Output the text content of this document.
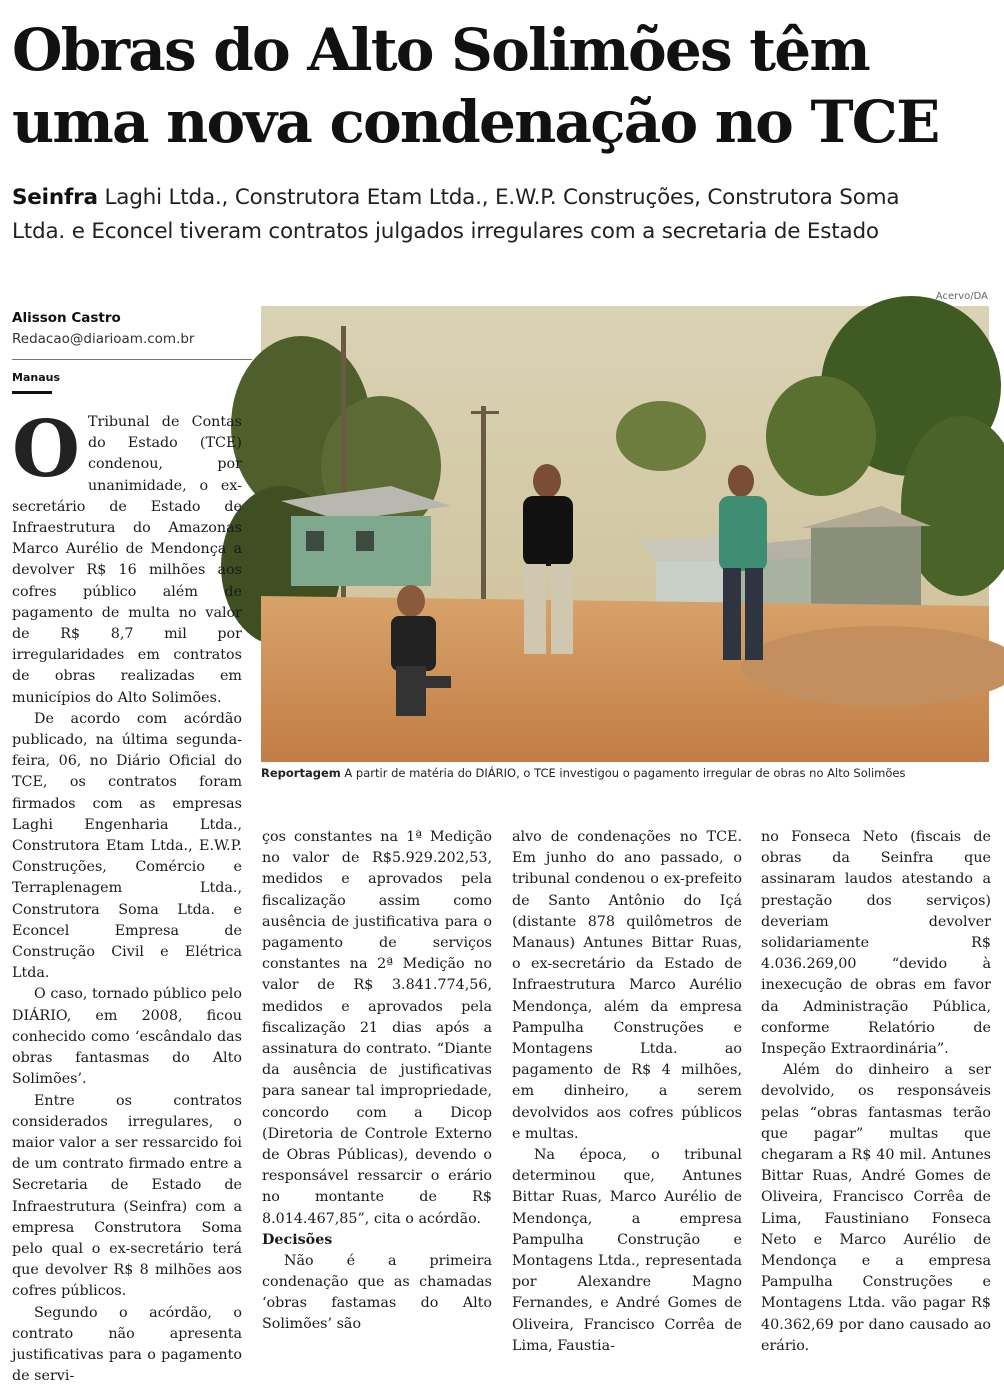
Obras do Alto Solimões têm
uma nova condenação no TCE

Seinfra Laghi Ltda., Construtora Etam Ltda., E.W.P. Construções, Construtora Soma
Ltda. e Econcel tiveram contratos julgados irregulares com a secretaria de Estado

Alisson Castro
Redacao@diarioam.com.br
Manaus
Acervo/DA
Reportagem A partir de matéria do DIÁRIO, o TCE investigou o pagamento irregular de obras no Alto Solimões

O Tribunal de Contas do Estado (TCE) condenou, por unanimidade, o ex-secretário de Estado de Infraestrutura do Amazonas Marco Aurélio de Mendonça a devolver R$ 16 milhões aos cofres público além de pagamento de multa no valor de R$ 8,7 mil por irregularidades em contratos de obras realizadas em municípios do Alto Solimões.

De acordo com acórdão publicado, na última segunda-feira, 06, no Diário Oficial do TCE, os contratos foram firmados com as empresas Laghi Engenharia Ltda., Construtora Etam Ltda., E.W.P. Construções, Comércio e Terraplenagem Ltda., Construtora Soma Ltda. e Econcel Empresa de Construção Civil e Elétrica Ltda.

O caso, tornado público pelo DIÁRIO, em 2008, ficou conhecido como ‘escândalo das obras fantasmas do Alto Solimões’.

Entre os contratos considerados irregulares, o maior valor a ser ressarcido foi de um contrato firmado entre a Secretaria de Estado de Infraestrutura (Seinfra) com a empresa Construtora Soma pelo qual o ex-secretário terá que devolver R$ 8 milhões aos cofres públicos.

Segundo o acórdão, o contrato não apresenta justificativas para o pagamento de servi-

ços constantes na 1ª Medição no valor de R$5.929.202,53, medidos e aprovados pela fiscalização assim como ausência de justificativa para o pagamento de serviços constantes na 2ª Medição no valor de R$ 3.841.774,56, medidos e aprovados pela fiscalização 21 dias após a assinatura do contrato. “Diante da ausência de justificativas para sanear tal impropriedade, concordo com a Dicop (Diretoria de Controle Externo de Obras Públicas), devendo o responsável ressarcir o erário no montante de R$ 8.014.467,85”, cita o acórdão.

Decisões

Não é a primeira condenação que as chamadas ‘obras fastamas do Alto Solimões’ são

alvo de condenações no TCE. Em junho do ano passado, o tribunal condenou o ex-prefeito de Santo Antônio do Içá (distante 878 quilômetros de Manaus) Antunes Bittar Ruas, o ex-secretário da Estado de Infraestrutura Marco Aurélio Mendonça, além da empresa Pampulha Construções e Montagens Ltda. ao pagamento de R$ 4 milhões, em dinheiro, a serem devolvidos aos cofres públicos e multas.

Na época, o tribunal determinou que, Antunes Bittar Ruas, Marco Aurélio de Mendonça, a empresa Pampulha Construção e Montagens Ltda., representada por Alexandre Magno Fernandes, e André Gomes de Oliveira, Francisco Corrêa de Lima, Faustia-

no Fonseca Neto (fiscais de obras da Seinfra que assinaram laudos atestando a prestação dos serviços) deveriam devolver solidariamente R$ 4.036.269,00 “devido à inexecução de obras em favor da Administração Pública, conforme Relatório de Inspeção Extraordinária”.

Além do dinheiro a ser devolvido, os responsáveis pelas “obras fantasmas terão que pagar” multas que chegaram a R$ 40 mil. Antunes Bittar Ruas, André Gomes de Oliveira, Francisco Corrêa de Lima, Faustiniano Fonseca Neto e Marco Aurélio de Mendonça e a empresa Pampulha Construções e Montagens Ltda. vão pagar R$ 40.362,69 por dano causado ao erário.
